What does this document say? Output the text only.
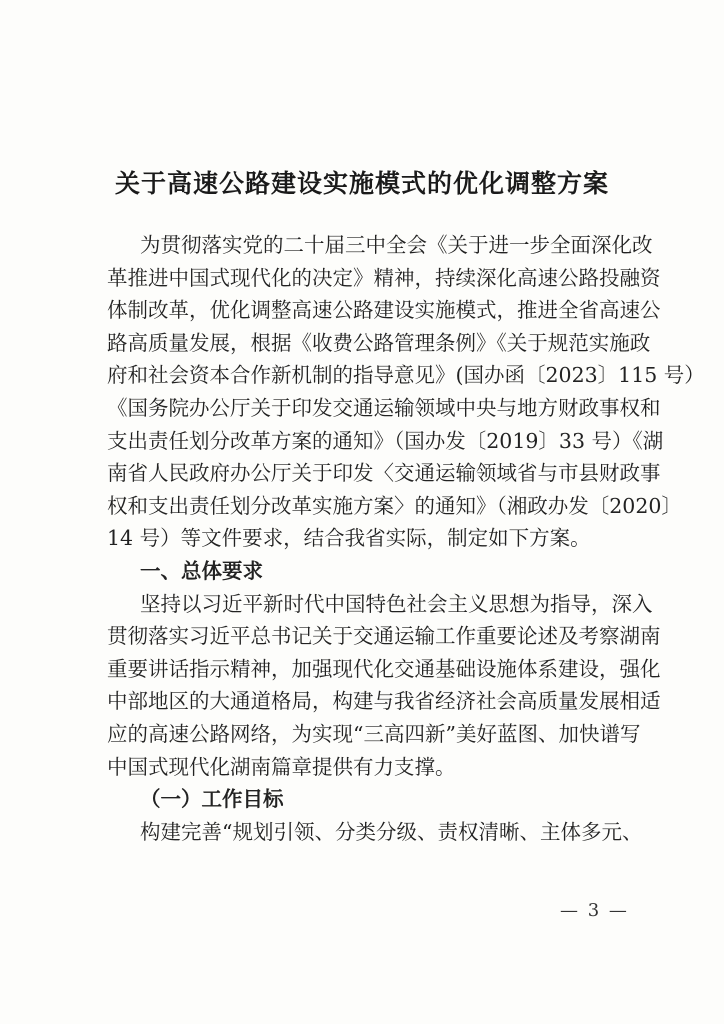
关于高速公路建设实施模式的优化调整方案
为贯彻落实党的二十届三中全会《关于进一步全面深化改
革推进中国式现代化的决定》精神，持续深化高速公路投融资
体制改革，优化调整高速公路建设实施模式，推进全省高速公
路高质量发展，根据《收费公路管理条例》《关于规范实施政
府和社会资本合作新机制的指导意见》(国办函〔2023〕115 号）
《国务院办公厅关于印发交通运输领域中央与地方财政事权和
支出责任划分改革方案的通知》（国办发〔2019〕33 号）《湖
南省人民政府办公厅关于印发〈交通运输领域省与市县财政事
权和支出责任划分改革实施方案〉的通知》（湘政办发〔2020〕
14 号）等文件要求，结合我省实际，制定如下方案。
一、总体要求
坚持以习近平新时代中国特色社会主义思想为指导，深入
贯彻落实习近平总书记关于交通运输工作重要论述及考察湖南
重要讲话指示精神，加强现代化交通基础设施体系建设，强化
中部地区的大通道格局，构建与我省经济社会高质量发展相适
应的高速公路网络，为实现“三高四新”美好蓝图、加快谱写
中国式现代化湖南篇章提供有力支撑。
（一）工作目标
构建完善“规划引领、分类分级、责权清晰、主体多元、
— 3 —
